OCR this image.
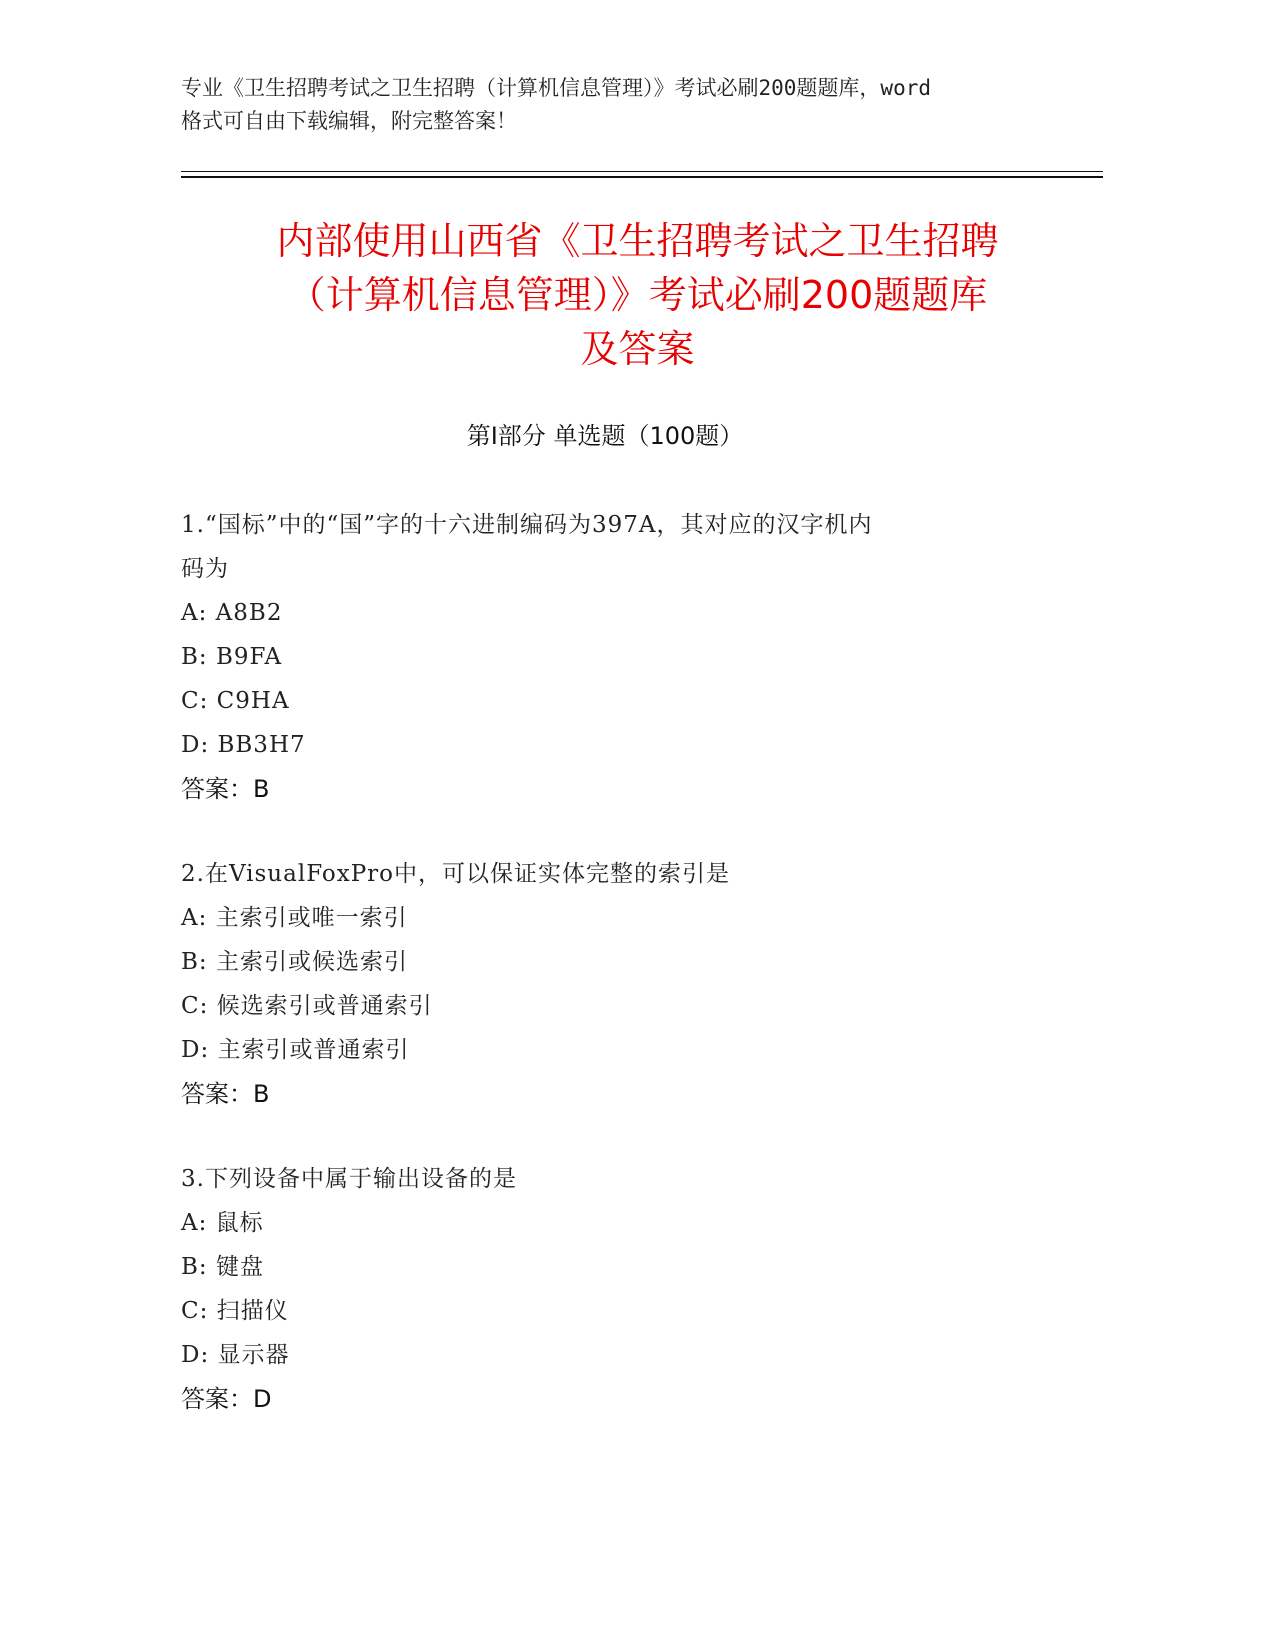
专业《卫生招聘考试之卫生招聘（计算机信息管理）》考试必刷200题题库，word
格式可自由下载编辑，附完整答案！
内部使用山西省《卫生招聘考试之卫生招聘
（计算机信息管理）》考试必刷200题题库
及答案
第Ⅰ部分 单选题（100题）
1.“国标”中的“国”字的十六进制编码为397A，其对应的汉字机内
码为
A: A8B2
B: B9FA
C: C9HA
D: BB3H7
答案：B
2.在VisualFoxPro中，可以保证实体完整的索引是
A: 主索引或唯一索引
B: 主索引或候选索引
C: 候选索引或普通索引
D: 主索引或普通索引
答案：B
3.下列设备中属于输出设备的是
A: 鼠标
B: 键盘
C: 扫描仪
D: 显示器
答案：D
